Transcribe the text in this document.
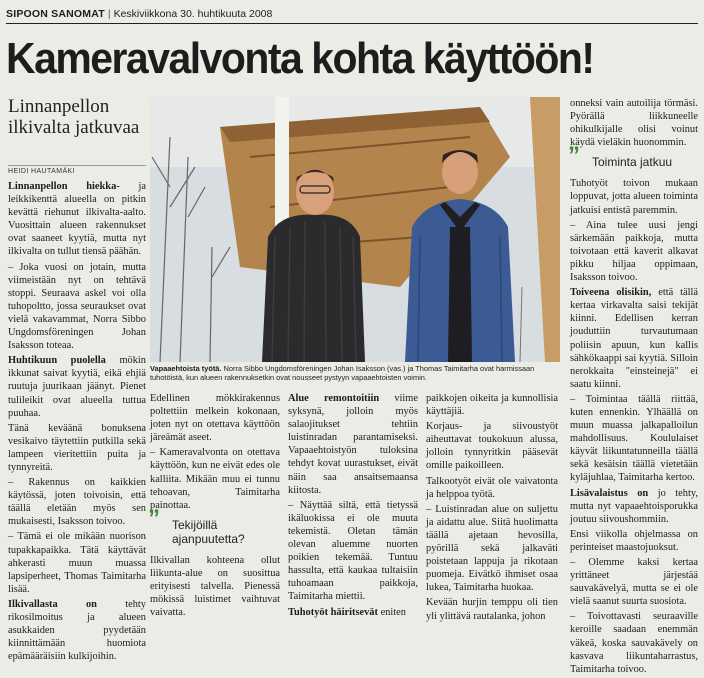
SIPOON SANOMAT | Keskiviikkona 30. huhtikuuta 2008
Kameravalvonta kohta käyttöön!
Linnanpellon ilkivalta jatkuvaa
HEIDI HAUTAMÄKI

Linnanpellon hiekka- ja leikkikenttä alueella on pitkin kevättä riehunut ilkivalta-aalto. Vuosittain alueen rakennukset ovat saaneet kyytiä, mutta nyt ilkivalta on tullut tiensä päähän.

– Joka vuosi on jotain, mutta viimeistään nyt on tehtävä stoppi. Seuraava askel voi olla tuhopoltto, jossa seuraukset ovat vielä vakavammat, Norra Sibbo Ungdomsföreningen Johan Isaksson toteaa.

Huhtikuun puolella mökin ikkunat saivat kyytiä, eikä ehjiä ruutuja juurikaan jäänyt. Pienet tulileikit ovat alueella tuttua puuhaa.

Tänä keväänä bonuksena vesikaivo täytettiin putkilla sekä lampeen vieritettiin puita ja tynnyreitä.

– Rakennus on kaikkien käytössä, joten toivoisin, että täällä eletään myös sen mukaisesti, Isaksson toivoo.

– Tämä ei ole mikään nuorison tupakkapaikka. Tätä käyttävät ahkerasti muun muassa lapsiperheet, Thomas Taimitarha lisää.

Ilkivallasta on tehty rikosilmoitus ja alueen asukkaiden pyydetään kiinnittämään huomiota epämääräisiin kulkijoihin.

Vapaaehtoista työtä. Norra Sibbo Ungdomsföreningen Johan Isaksson (vas.) ja Thomas Taimitarha ovat harmissaan tuhotöistä, kun alueen rakennuksetkin ovat nousseet pystyyn vapaaehtoisten voimin.

Edellinen mökkirakennus poltettiin melkein kokonaan, joten nyt on otettava käyttöön järeämät aseet.

– Kameravalvonta on otettava käyttöön, kun ne eivät edes ole kalliita. Mikään muu ei tunnu tehoavan, Taimitarha painottaa.

”	Tekijöillä ajanpuutetta?

Ilkivallan kohteena ollut liikunta-alue on suosittua erityisesti talvella. Pienessä mökissä luistimet vaihtuvat vaivatta.

Alue remontoitiin viime syksynä, jolloin myös salaojitukset tehtiin luistinradan parantamiseksi. Vapaaehtoistyön tuloksina tehdyt kovat uurastukset, eivät näin saa ansaitsemaansa kiitosta.

– Näyttää siltä, että tietyssä ikäluokissa ei ole muuta tekemistä. Oletan tämän olevan aluemme nuorten poikien tekemää. Tuntuu hassulta, että kaukaa tultaisiin tuhoamaan paikkoja, Taimitarha miettii.

Tuhotyöt häiritsevät eniten

paikkojen oikeita ja kunnollisia käyttäjiä.

Korjaus- ja siivoustyöt aiheuttavat toukokuun alussa, jolloin tynnyritkin pääsevät omille paikoilleen.

Talkootyöt eivät ole vaivatonta ja helppoa työtä.

– Luistinradan alue on suljettu ja aidattu alue. Siitä huolimatta täällä ajetaan hevosilla, pyörillä sekä jalkaväti poistetaan lappuja ja rikotaan puomeja. Eivätkö ihmiset osaa lukea, Taimitarha huokaa.

Kevään hurjin temppu oli tien yli ylittävä rautalanka, johon

onneksi vain autoilija törmäsi. Pyörällä liikkuneelle ohikulkijalle olisi voinut käydä vieläkin huonommin.

”	Toiminta jatkuu

Tuhotyöt toivon mukaan loppuvat, jotta alueen toiminta jatkuisi entistä paremmin.

– Aina tulee uusi jengi särkemään paikkoja, mutta toivotaan että kaverit alkavat pikku hiljaa oppimaan, Isaksson toivoo.

Toiveena olisikin, että tällä kertaa virkavalta saisi tekijät kiinni. Edellisen kerran jouduttiin turvautumaan poliisin apuun, kun kallis sähkökaappi sai kyytiä. Silloin nerokkaita "einsteinejä" ei saatu kiinni.

– Toimintaa täällä riittää, kuten ennenkin. Ylhäällä on muun muassa jalkapalloilun mahdollisuus. Koululaiset käyvät liikuntatunneilla täällä sekä kesäisin täällä vietetään kyläjuhlaa, Taimitarha kertoo.

Lisävalaistus on jo tehty, mutta nyt vapaaehtoisporukka joutuu siivoushommiin.

Ensi viikolla ohjelmassa on perinteiset maastojuoksut.

– Olemme kaksi kertaa yrittäneet järjestää sauvakävelyä, mutta se ei ole vielä saanut suurta suosiota.

– Toivottavasti seuraaville keroille saadaan enemmän väkeä, koska sauvakävely on kasvava liikuntaharrastus, Taimitarha toivoo.
